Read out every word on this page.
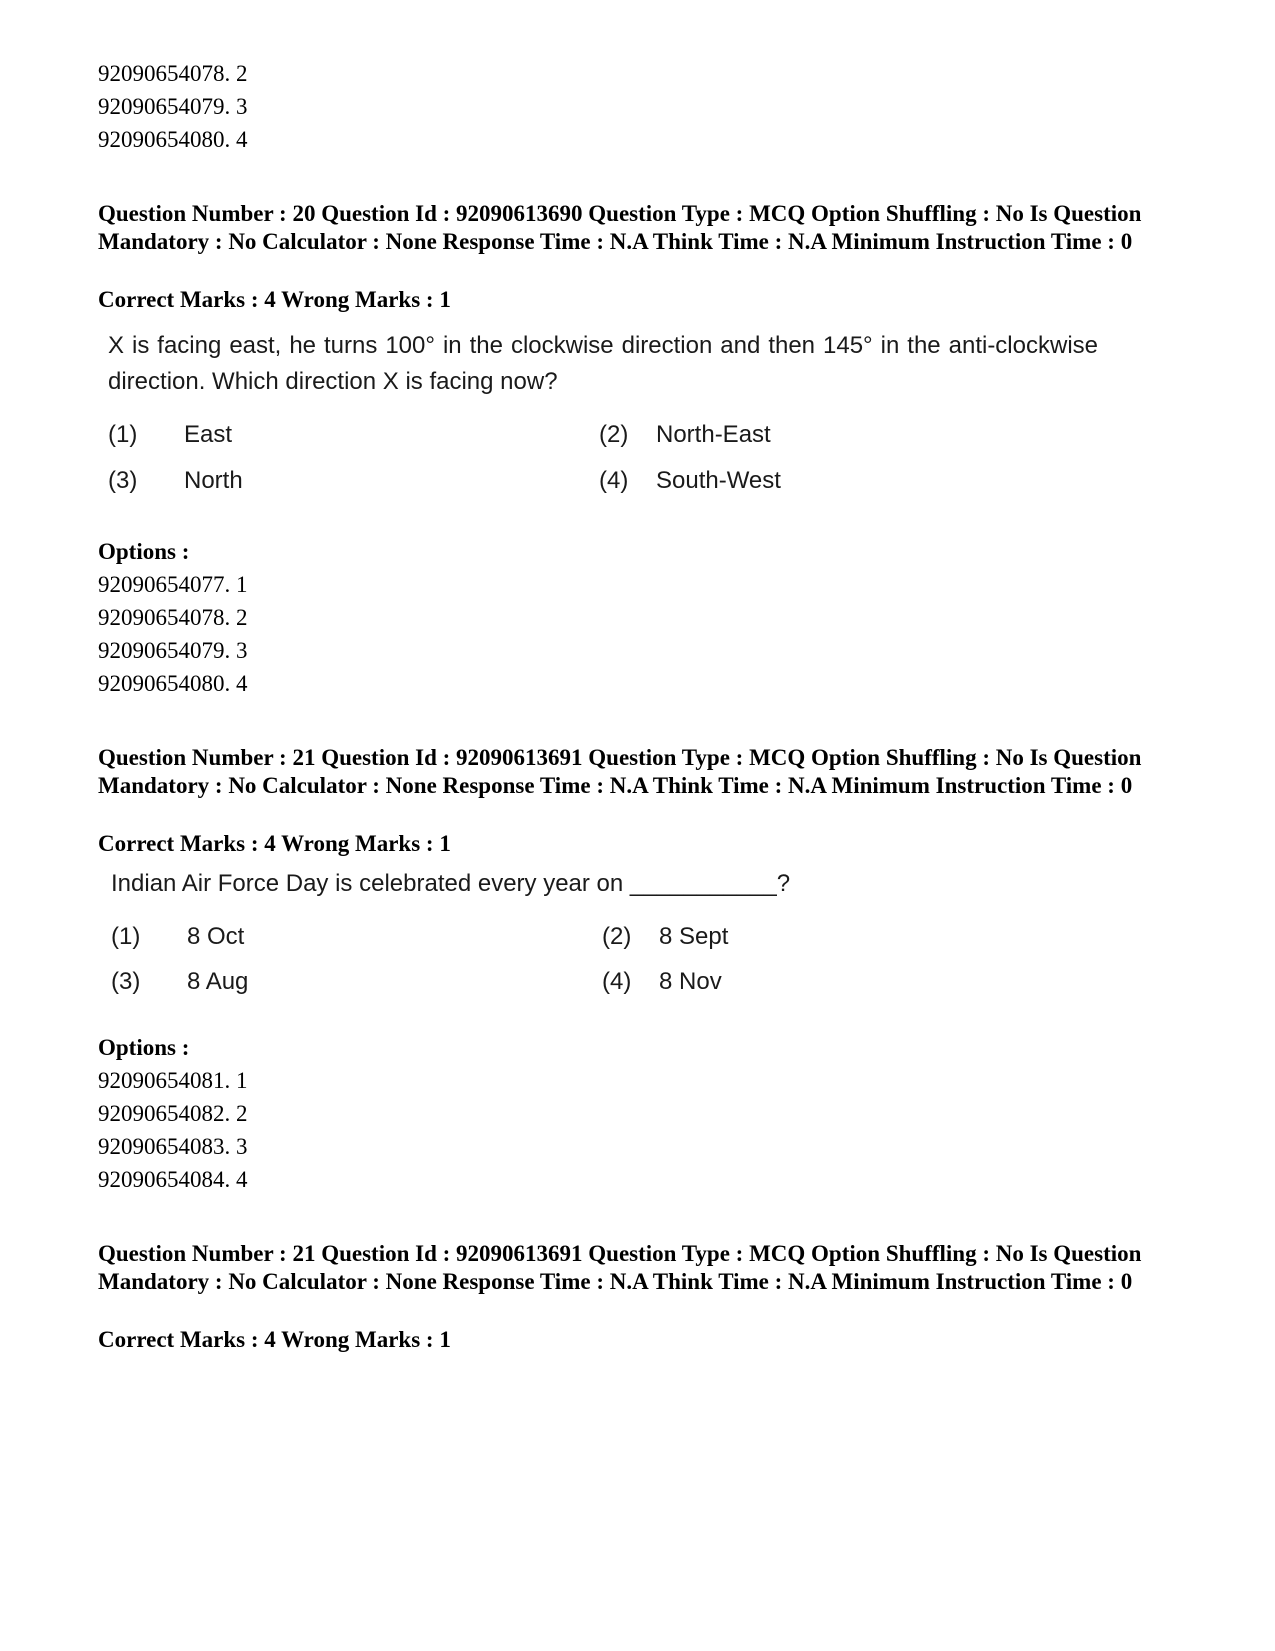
92090654078. 2
92090654079. 3
92090654080. 4
Question Number : 20 Question Id : 92090613690 Question Type : MCQ Option Shuffling : No Is Question Mandatory : No Calculator : None Response Time : N.A Think Time : N.A Minimum Instruction Time : 0
Correct Marks : 4 Wrong Marks : 1
X is facing east, he turns 100° in the clockwise direction and then 145° in the anti-clockwise direction. Which direction X is facing now?
(1) East	(2) North-East
(3) North	(4) South-West
Options :
92090654077. 1
92090654078. 2
92090654079. 3
92090654080. 4
Question Number : 21 Question Id : 92090613691 Question Type : MCQ Option Shuffling : No Is Question Mandatory : No Calculator : None Response Time : N.A Think Time : N.A Minimum Instruction Time : 0
Correct Marks : 4 Wrong Marks : 1
Indian Air Force Day is celebrated every year on ___________?
(1) 8 Oct	(2) 8 Sept
(3) 8 Aug	(4) 8 Nov
Options :
92090654081. 1
92090654082. 2
92090654083. 3
92090654084. 4
Question Number : 21 Question Id : 92090613691 Question Type : MCQ Option Shuffling : No Is Question Mandatory : No Calculator : None Response Time : N.A Think Time : N.A Minimum Instruction Time : 0
Correct Marks : 4 Wrong Marks : 1
